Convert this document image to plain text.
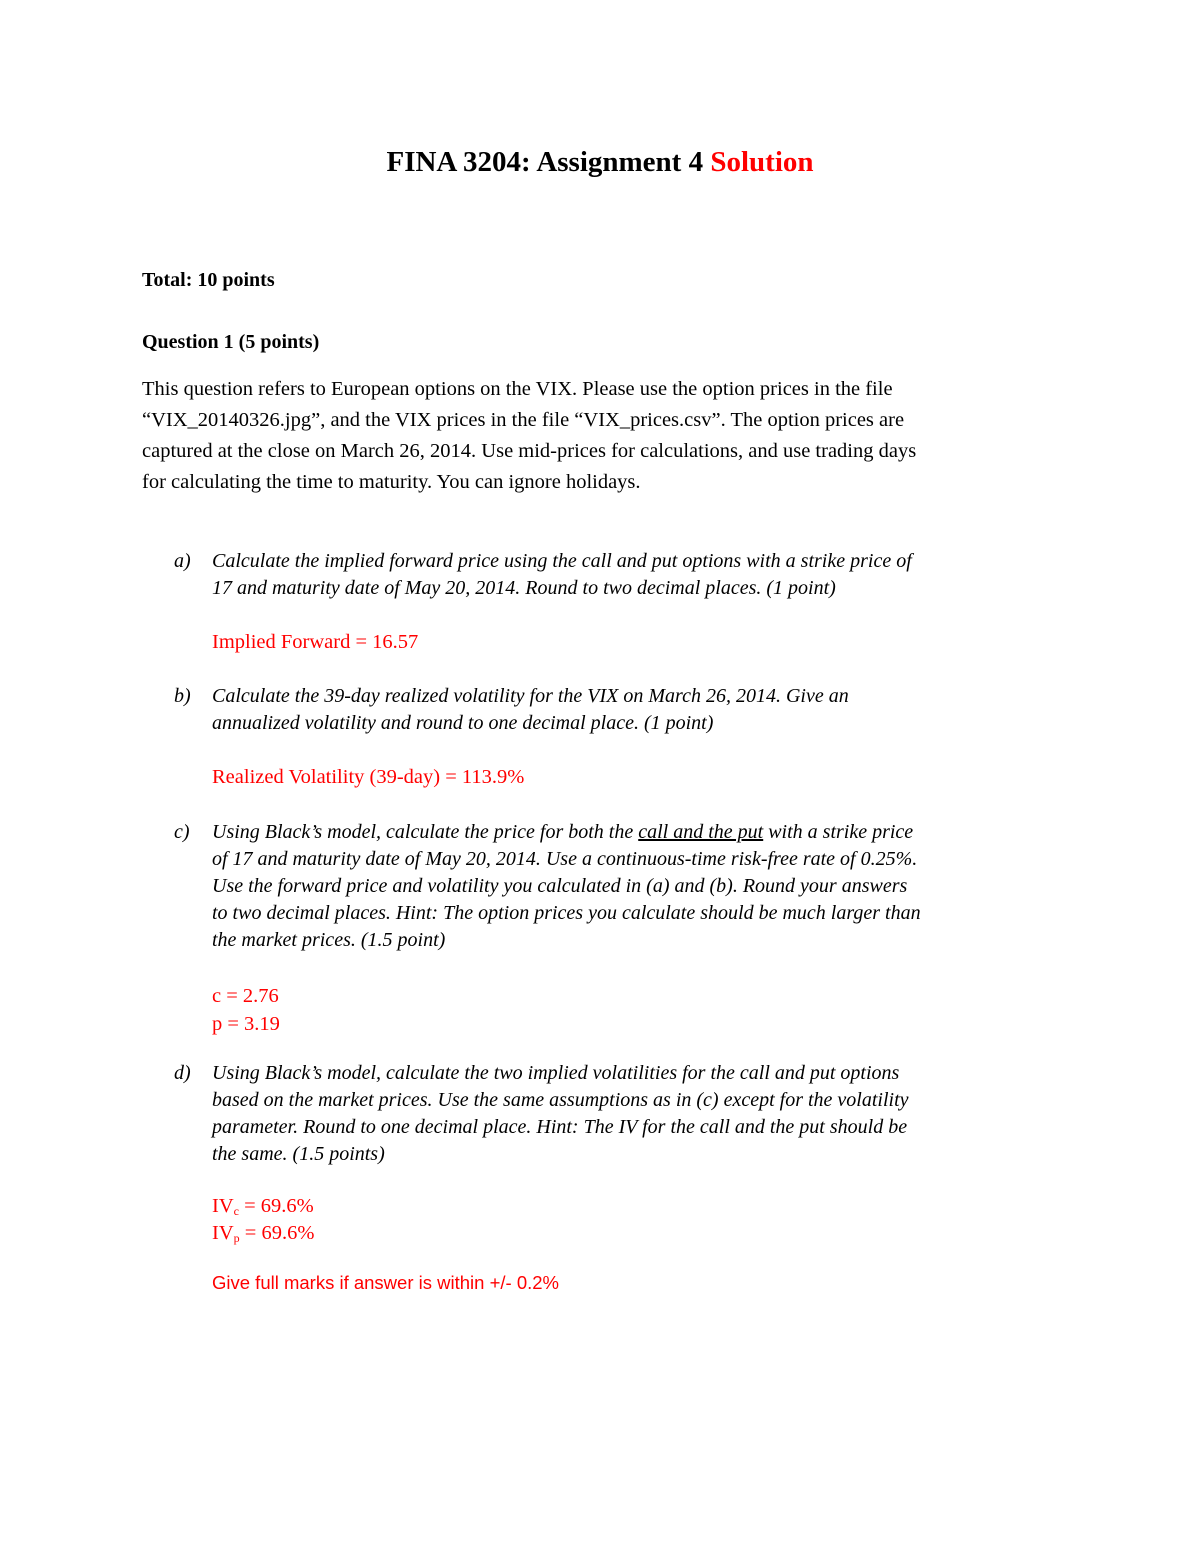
FINA 3204: Assignment 4 Solution
Total: 10 points
Question 1 (5 points)
This question refers to European options on the VIX. Please use the option prices in the file
“VIX_20140326.jpg”, and the VIX prices in the file “VIX_prices.csv”. The option prices are
captured at the close on March 26, 2014. Use mid-prices for calculations, and use trading days
for calculating the time to maturity. You can ignore holidays.
a) Calculate the implied forward price using the call and put options with a strike price of
17 and maturity date of May 20, 2014. Round to two decimal places. (1 point)
Implied Forward = 16.57
b) Calculate the 39-day realized volatility for the VIX on March 26, 2014. Give an
annualized volatility and round to one decimal place. (1 point)
Realized Volatility (39-day) = 113.9%
c) Using Black’s model, calculate the price for both the call and the put with a strike price
of 17 and maturity date of May 20, 2014. Use a continuous-time risk-free rate of 0.25%.
Use the forward price and volatility you calculated in (a) and (b). Round your answers
to two decimal places. Hint: The option prices you calculate should be much larger than
the market prices. (1.5 point)
c = 2.76
p = 3.19
d) Using Black’s model, calculate the two implied volatilities for the call and put options
based on the market prices. Use the same assumptions as in (c) except for the volatility
parameter. Round to one decimal place. Hint: The IV for the call and the put should be
the same. (1.5 points)
$IV_c = 69.6\%$
$IV_p = 69.6\%$
Give full marks if answer is within +/- 0.2%
